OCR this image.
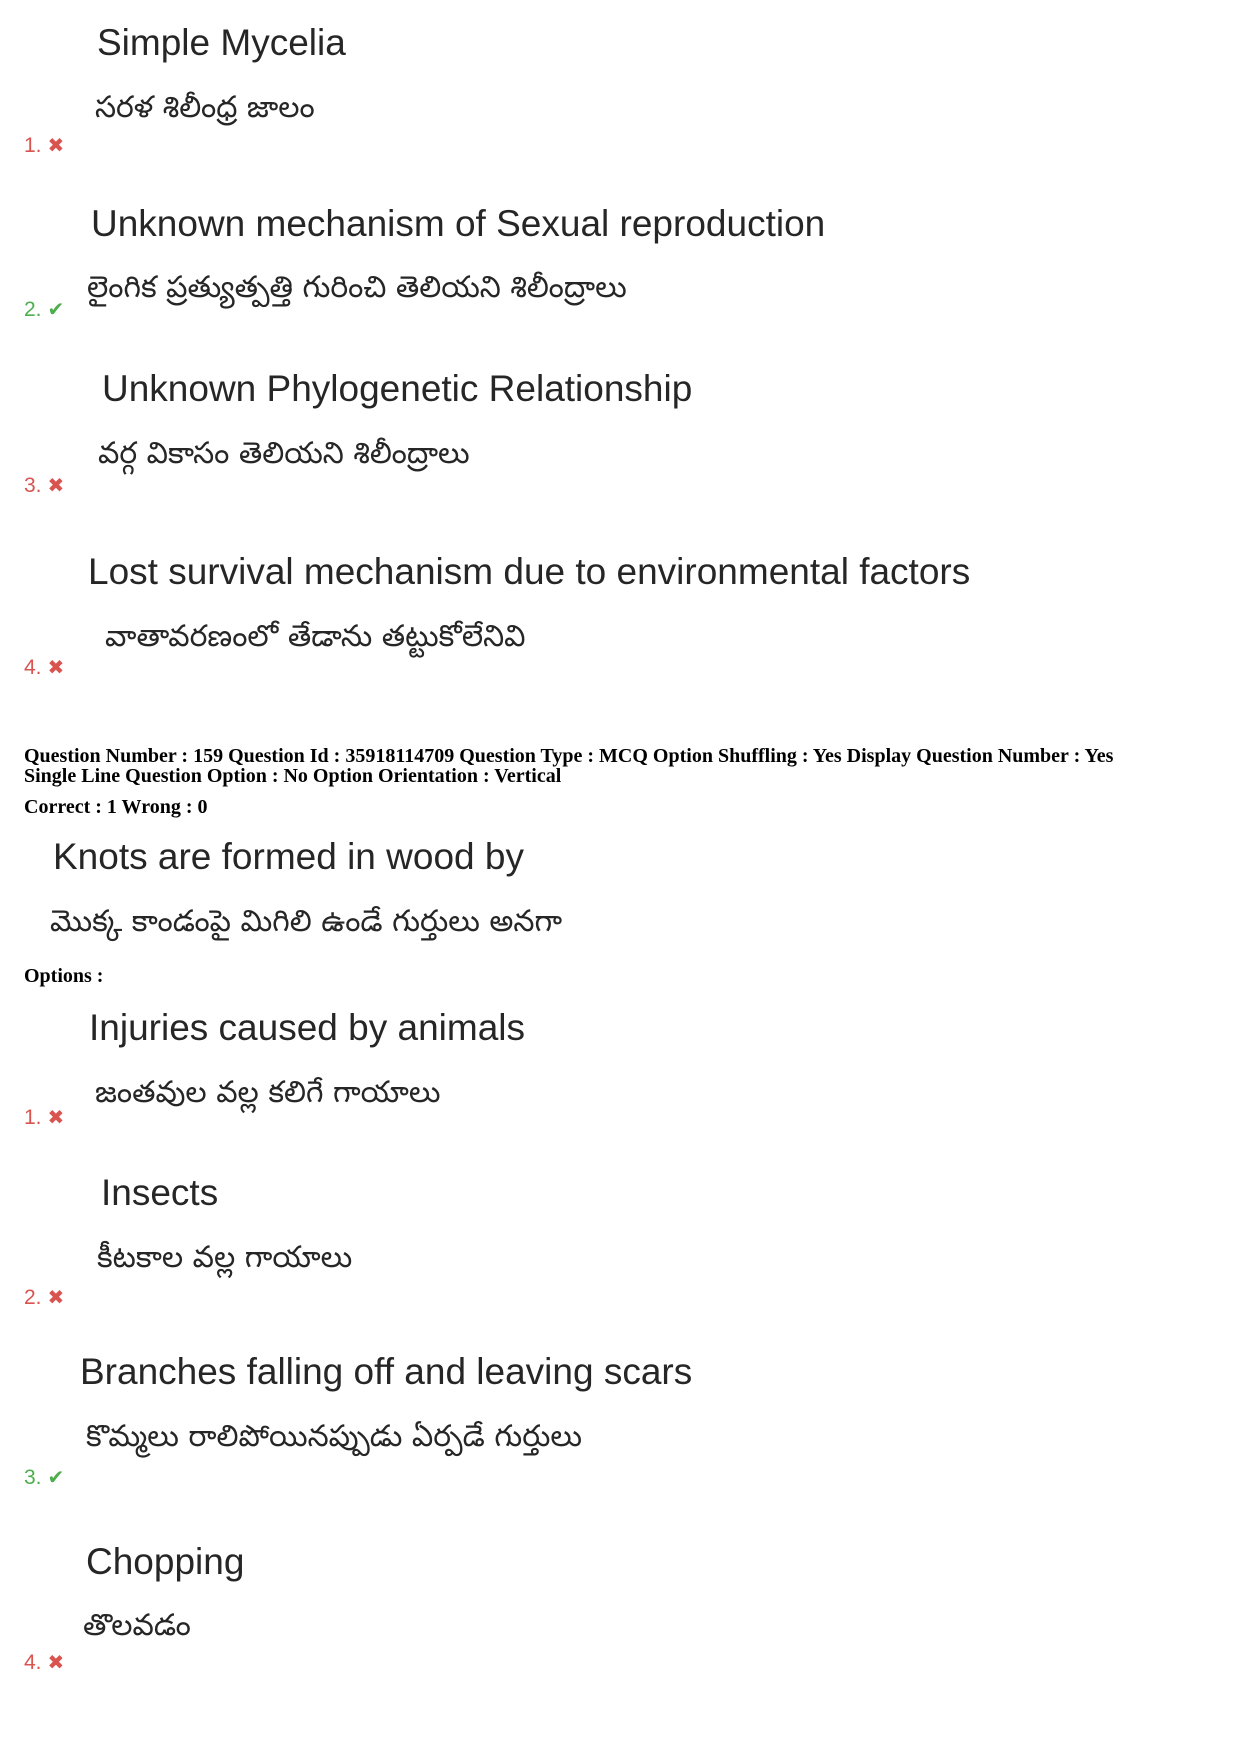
Simple Mycelia
సరళ శిలీంధ్ర జాలం
1. ✖
Unknown mechanism of Sexual reproduction
లైంగిక ప్రత్యుత్పత్తి గురించి తెలియని శిలీంద్రాలు
2. ✔
Unknown Phylogenetic Relationship
వర్గ వికాసం తెలియని శిలీంద్రాలు
3. ✖
Lost survival mechanism due to environmental factors
వాతావరణంలో తేడాను తట్టుకోలేనివి
4. ✖
Question Number : 159 Question Id : 35918114709 Question Type : MCQ Option Shuffling : Yes Display Question Number : Yes
Single Line Question Option : No Option Orientation : Vertical
Correct : 1 Wrong : 0
Knots are formed in wood by
మొక్క కాండంపై మిగిలి ఉండే గుర్తులు అనగా
Options :
Injuries caused by animals
జంతవుల వల్ల కలిగే గాయాలు
1. ✖
Insects
కీటకాల వల్ల గాయాలు
2. ✖
Branches falling off and leaving scars
కొమ్మలు రాలిపోయినప్పుడు ఏర్పడే గుర్తులు
3. ✔
Chopping
తొలవడం
4. ✖
